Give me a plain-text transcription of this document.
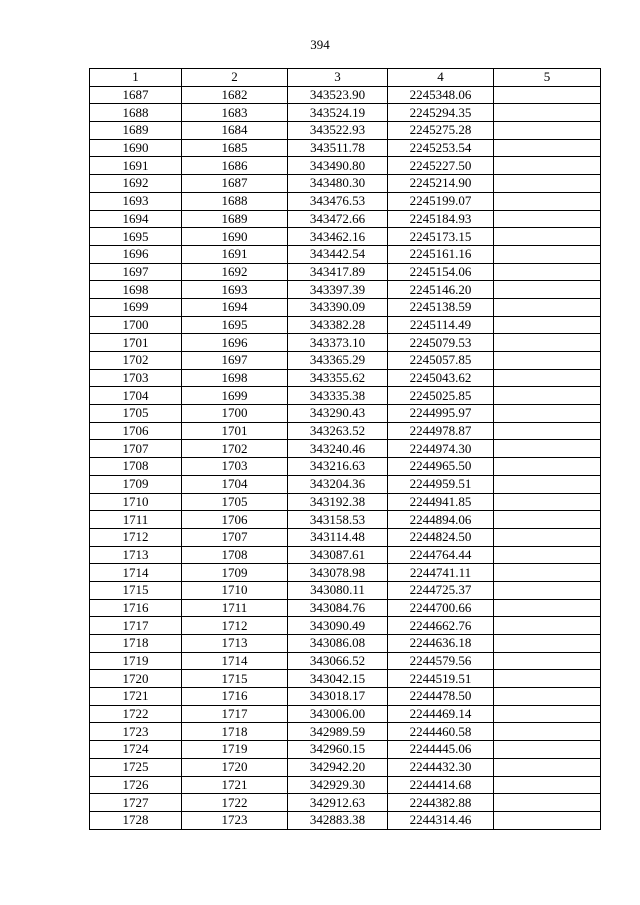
394
1	2	3	4	5
1687	1682	343523.90	2245348.06	
1688	1683	343524.19	2245294.35	
1689	1684	343522.93	2245275.28	
1690	1685	343511.78	2245253.54	
1691	1686	343490.80	2245227.50	
1692	1687	343480.30	2245214.90	
1693	1688	343476.53	2245199.07	
1694	1689	343472.66	2245184.93	
1695	1690	343462.16	2245173.15	
1696	1691	343442.54	2245161.16	
1697	1692	343417.89	2245154.06	
1698	1693	343397.39	2245146.20	
1699	1694	343390.09	2245138.59	
1700	1695	343382.28	2245114.49	
1701	1696	343373.10	2245079.53	
1702	1697	343365.29	2245057.85	
1703	1698	343355.62	2245043.62	
1704	1699	343335.38	2245025.85	
1705	1700	343290.43	2244995.97	
1706	1701	343263.52	2244978.87	
1707	1702	343240.46	2244974.30	
1708	1703	343216.63	2244965.50	
1709	1704	343204.36	2244959.51	
1710	1705	343192.38	2244941.85	
1711	1706	343158.53	2244894.06	
1712	1707	343114.48	2244824.50	
1713	1708	343087.61	2244764.44	
1714	1709	343078.98	2244741.11	
1715	1710	343080.11	2244725.37	
1716	1711	343084.76	2244700.66	
1717	1712	343090.49	2244662.76	
1718	1713	343086.08	2244636.18	
1719	1714	343066.52	2244579.56	
1720	1715	343042.15	2244519.51	
1721	1716	343018.17	2244478.50	
1722	1717	343006.00	2244469.14	
1723	1718	342989.59	2244460.58	
1724	1719	342960.15	2244445.06	
1725	1720	342942.20	2244432.30	
1726	1721	342929.30	2244414.68	
1727	1722	342912.63	2244382.88	
1728	1723	342883.38	2244314.46	
